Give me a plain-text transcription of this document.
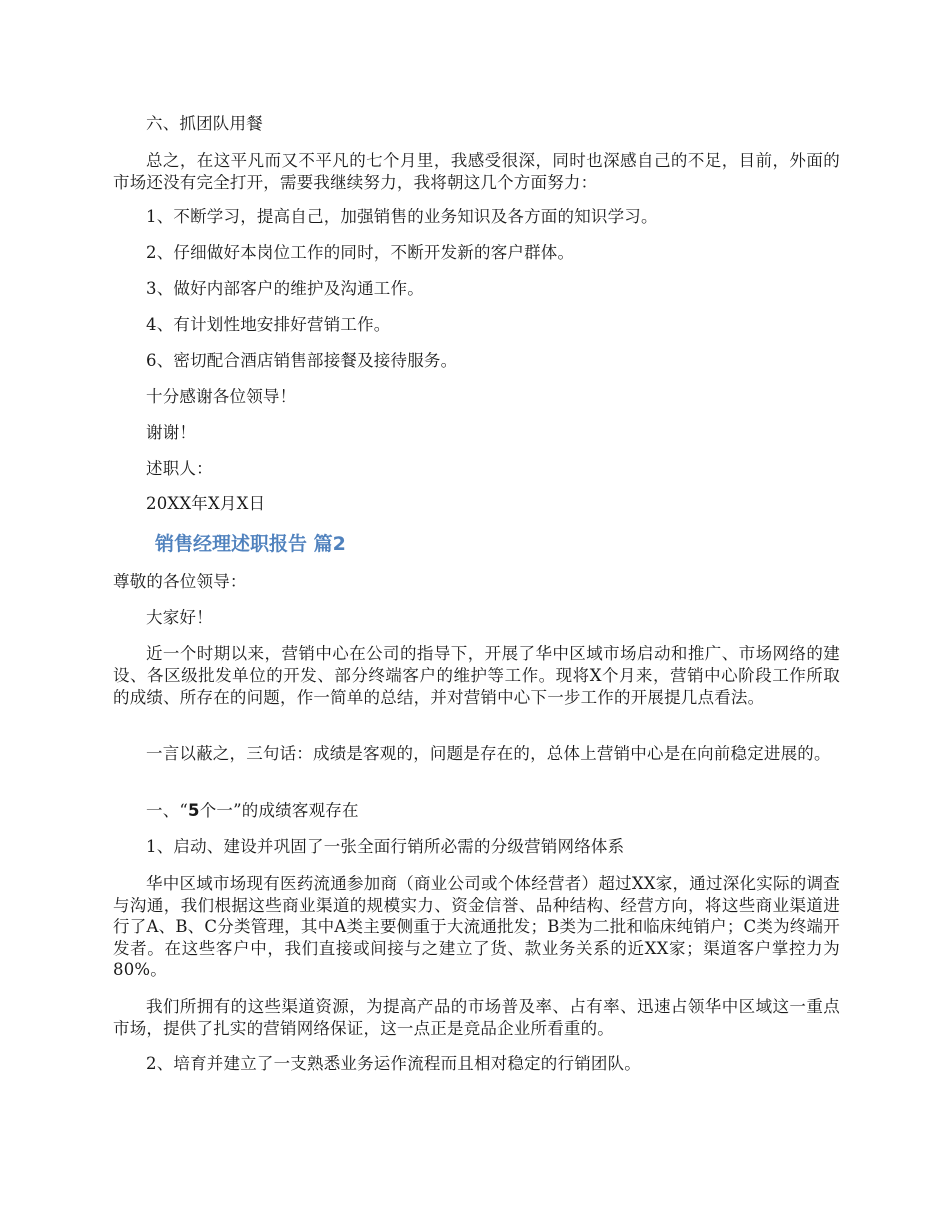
六、抓团队用餐

总之，在这平凡而又不平凡的七个月里，我感受很深，同时也深感自己的不足，目前，外面的市场还没有完全打开，需要我继续努力，我将朝这几个方面努力：

1、不断学习，提高自己，加强销售的业务知识及各方面的知识学习。

2、仔细做好本岗位工作的同时，不断开发新的客户群体。

3、做好内部客户的维护及沟通工作。

4、有计划性地安排好营销工作。

6、密切配合酒店销售部接餐及接待服务。

十分感谢各位领导！

谢谢！

述职人：

20XX年X月X日

销售经理述职报告 篇2

尊敬的各位领导：

大家好！

近一个时期以来，营销中心在公司的指导下，开展了华中区域市场启动和推广、市场网络的建设、各区级批发单位的开发、部分终端客户的维护等工作。现将X个月来，营销中心阶段工作所取的成绩、所存在的问题，作一简单的总结，并对营销中心下一步工作的开展提几点看法。

一言以蔽之，三句话：成绩是客观的，问题是存在的，总体上营销中心是在向前稳定进展的。

一、“5个一”的成绩客观存在

1、启动、建设并巩固了一张全面行销所必需的分级营销网络体系

华中区域市场现有医药流通参加商（商业公司或个体经营者）超过XX家，通过深化实际的调查与沟通，我们根据这些商业渠道的规模实力、资金信誉、品种结构、经营方向，将这些商业渠道进行了A、B、C分类管理，其中A类主要侧重于大流通批发；B类为二批和临床纯销户；C类为终端开发者。在这些客户中，我们直接或间接与之建立了货、款业务关系的近XX家；渠道客户掌控力为80%。

我们所拥有的这些渠道资源，为提高产品的市场普及率、占有率、迅速占领华中区域这一重点市场，提供了扎实的营销网络保证，这一点正是竞品企业所看重的。

2、培育并建立了一支熟悉业务运作流程而且相对稳定的行销团队。
